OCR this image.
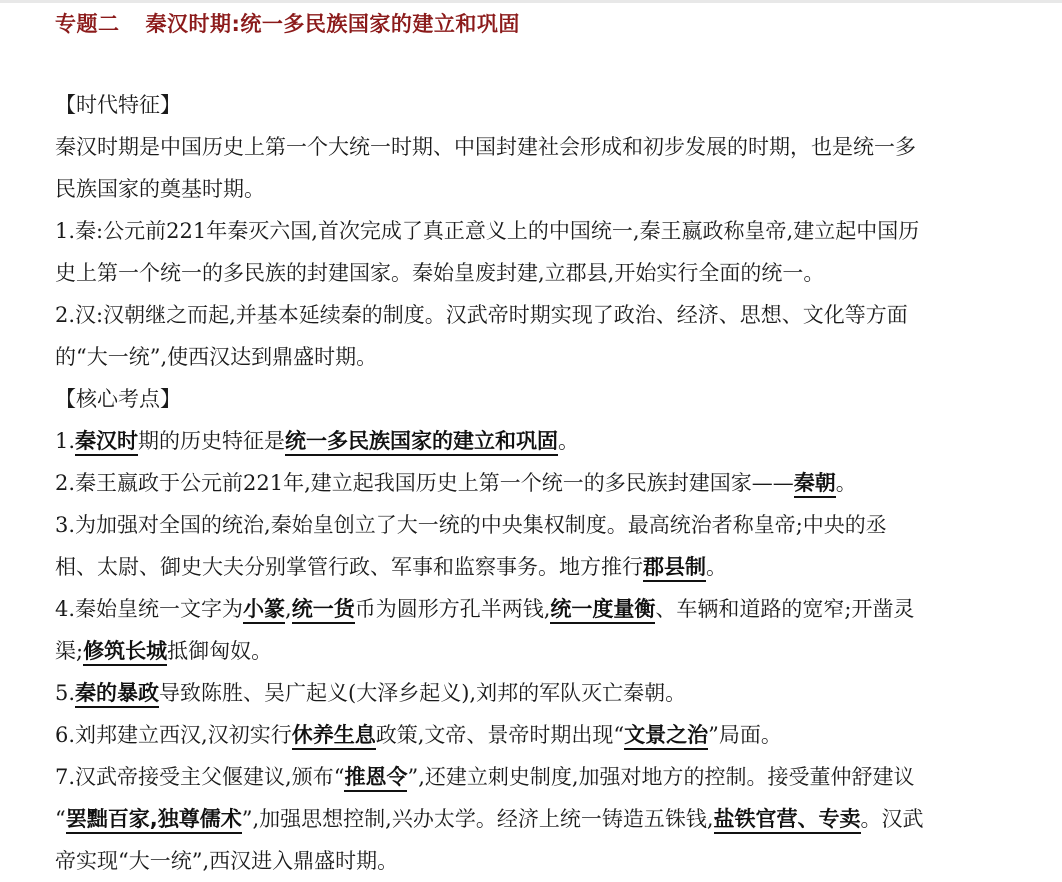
专题二 秦汉时期:统一多民族国家的建立和巩固
【时代特征】
秦汉时期是中国历史上第一个大统一时期、中国封建社会形成和初步发展的时期，也是统一多
民族国家的奠基时期。
1.秦:公元前221年秦灭六国,首次完成了真正意义上的中国统一,秦王嬴政称皇帝,建立起中国历
史上第一个统一的多民族的封建国家。秦始皇废封建,立郡县,开始实行全面的统一。
2.汉:汉朝继之而起,并基本延续秦的制度。汉武帝时期实现了政治、经济、思想、文化等方面
的“大一统”,使西汉达到鼎盛时期。
【核心考点】
1.秦汉时期的历史特征是统一多民族国家的建立和巩固。
2.秦王嬴政于公元前221年,建立起我国历史上第一个统一的多民族封建国家——秦朝。
3.为加强对全国的统治,秦始皇创立了大一统的中央集权制度。最高统治者称皇帝;中央的丞
相、太尉、御史大夫分别掌管行政、军事和监察事务。地方推行郡县制。
4.秦始皇统一文字为小篆,统一货币为圆形方孔半两钱,统一度量衡、车辆和道路的宽窄;开凿灵
渠;修筑长城抵御匈奴。
5.秦的暴政导致陈胜、吴广起义(大泽乡起义),刘邦的军队灭亡秦朝。
6.刘邦建立西汉,汉初实行休养生息政策,文帝、景帝时期出现“文景之治”局面。
7.汉武帝接受主父偃建议,颁布“推恩令”,还建立刺史制度,加强对地方的控制。接受董仲舒建议
“罢黜百家,独尊儒术”,加强思想控制,兴办太学。经济上统一铸造五铢钱,盐铁官营、专卖。汉武
帝实现“大一统”,西汉进入鼎盛时期。
